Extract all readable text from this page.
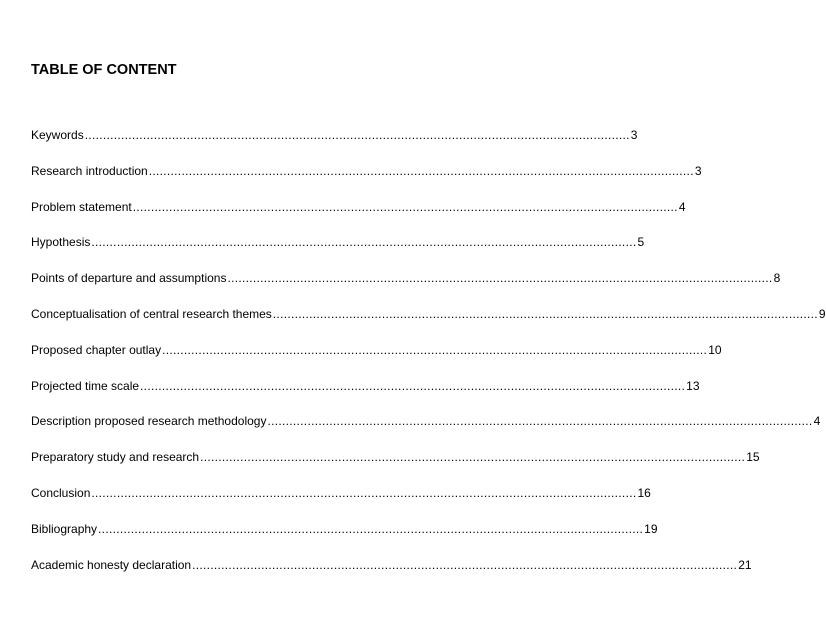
TABLE OF CONTENT
Keywords ...................................................................................................................................................... 3
Research introduction ...................................................................................................................................................... 3
Problem statement ...................................................................................................................................................... 4
Hypothesis ...................................................................................................................................................... 5
Points of departure and assumptions ...................................................................................................................................................... 8
Conceptualisation of central research themes ...................................................................................................................................................... 9
Proposed chapter outlay ...................................................................................................................................................... 10
Projected time scale ...................................................................................................................................................... 13
Description proposed research methodology ...................................................................................................................................................... 4
Preparatory study and research ...................................................................................................................................................... 15
Conclusion ...................................................................................................................................................... 16
Bibliography ...................................................................................................................................................... 19
Academic honesty declaration ...................................................................................................................................................... 21
